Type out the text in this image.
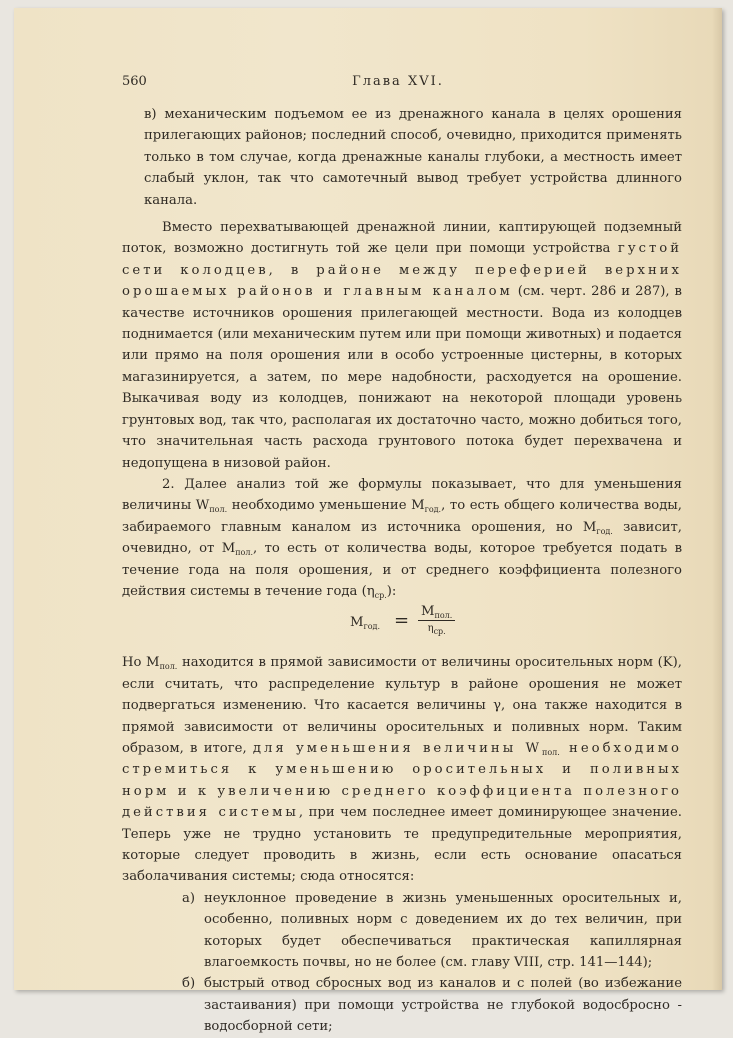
560	Глава XVI.

в) механическим подъемом ее из дренажного канала в целях орошения прилегающих районов; последний способ, очевидно, приходится применять только в том случае, когда дренажные каналы глубоки, а местность имеет слабый уклон, так что самотечный вывод требует устройства длинного канала.

Вместо перехватывающей дренажной линии, каптирующей подземный поток, возможно достигнуть той же цели при помощи устройства густой сети колодцев, в районе между переферией верхних орошаемых районов и главным каналом (см. черт. 286 и 287), в качестве источников орошения прилегающей местности. Вода из колодцев поднимается (или механическим путем или при помощи животных) и подается или прямо на поля орошения или в особо устроенные цистерны, в которых магазинируется, а затем, по мере надобности, расходуется на орошение. Выкачивая воду из колодцев, понижают на некоторой площади уровень грунтовых вод, так что, располагая их достаточно часто, можно добиться того, что значительная часть расхода грунтового потока будет перехвачена и недопущена в низовой район.

2. Далее анализ той же формулы показывает, что для уменьшения величины $W_{пол.}$ необходимо уменьшение $M_{год.}$, то есть общего количества воды, забираемого главным каналом из источника орошения, но $M_{год.}$ зависит, очевидно, от $M_{пол.}$, то есть от количества воды, которое требуется подать в течение года на поля орошения, и от среднего коэффициента полезного действия системы в течение года $(\eta_{ср.})$:

$M_{год.} = M_{пол.}$
$\eta_{ср.}$

Но $M_{пол.}$ находится в прямой зависимости от величины оросительных норм (K), если считать, что распределение культур в районе орошения не может подвергаться изменению. Что касается величины γ, она также находится в прямой зависимости от величины оросительных и поливных норм. Таким образом, в итоге, для уменьшения величины $W_{пол.}$ необходимо стремиться к уменьшению оросительных и поливных норм и к увеличению среднего коэффициента полезного действия системы, при чем последнее имеет доминирующее значение. Теперь уже не трудно установить те предупредительные мероприятия, которые следует проводить в жизнь, если есть основание опасаться заболачивания системы; сюда относятся:

а) неуклонное проведение в жизнь уменьшенных оросительных и, особенно, поливных норм с доведением их до тех величин, при которых будет обеспечиваться практическая капиллярная влагоемкость почвы, но не более (см. главу VIII, стр. 141—144);

б) быстрый отвод сбросных вод из каналов и с полей (во избежание застаивания) при помощи устройства не глубокой водосбросно - водосборной сети;
